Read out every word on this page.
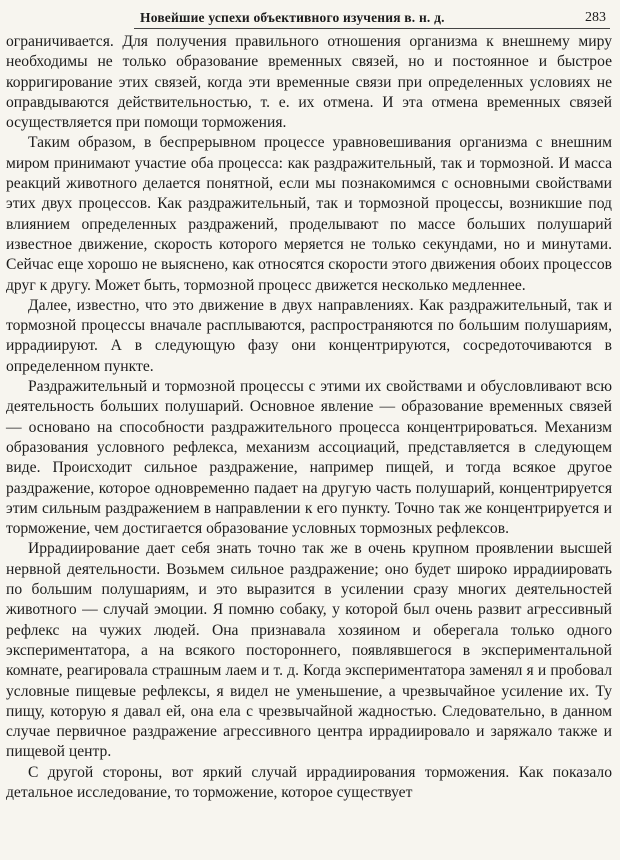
Новейшие успехи объективного изучения в. н. д.	283

ограничивается. Для получения правильного отношения организма к внешнему миру необходимы не только образование временных связей, но и постоянное и быстрое корригирование этих связей, когда эти временные связи при определенных условиях не оправдываются действительностью, т. е. их отмена. И эта отмена временных связей осуществляется при помощи торможения.

Таким образом, в беспрерывном процессе уравновешивания организма с внешним миром принимают участие оба процесса: как раздражительный, так и тормозной. И масса реакций животного делается понятной, если мы познакомимся с основными свойствами этих двух процессов. Как раздражительный, так и тормозной процессы, возникшие под влиянием определенных раздражений, проделывают по массе больших полушарий известное движение, скорость которого меряется не только секундами, но и минутами. Сейчас еще хорошо не выяснено, как относятся скорости этого движения обоих процессов друг к другу. Может быть, тормозной процесс движется несколько медленнее.

Далее, известно, что это движение в двух направлениях. Как раздражительный, так и тормозной процессы вначале расплываются, распространяются по большим полушариям, иррадиируют. А в следующую фазу они концентрируются, сосредоточиваются в определенном пункте.

Раздражительный и тормозной процессы с этими их свойствами и обусловливают всю деятельность больших полушарий. Основное явление — образование временных связей — основано на способности раздражительного процесса концентрироваться. Механизм образования условного рефлекса, механизм ассоциаций, представляется в следующем виде. Происходит сильное раздражение, например пищей, и тогда всякое другое раздражение, которое одновременно падает на другую часть полушарий, концентрируется этим сильным раздражением в направлении к его пункту. Точно так же концентрируется и торможение, чем достигается образование условных тормозных рефлексов.

Иррадиирование дает себя знать точно так же в очень крупном проявлении высшей нервной деятельности. Возьмем сильное раздражение; оно будет широко иррадиировать по большим полушариям, и это выразится в усилении сразу многих деятельностей животного — случай эмоции. Я помню собаку, у которой был очень развит агрессивный рефлекс на чужих людей. Она признавала хозяином и оберегала только одного экспериментатора, а на всякого постороннего, появлявшегося в экспериментальной комнате, реагировала страшным лаем и т. д. Когда экспериментатора заменял я и пробовал условные пищевые рефлексы, я видел не уменьшение, а чрезвычайное усиление их. Ту пищу, которую я давал ей, она ела с чрезвычайной жадностью. Следовательно, в данном случае первичное раздражение агрессивного центра иррадиировало и заряжало также и пищевой центр.

С другой стороны, вот яркий случай иррадиирования торможения. Как показало детальное исследование, то торможение, которое существует
